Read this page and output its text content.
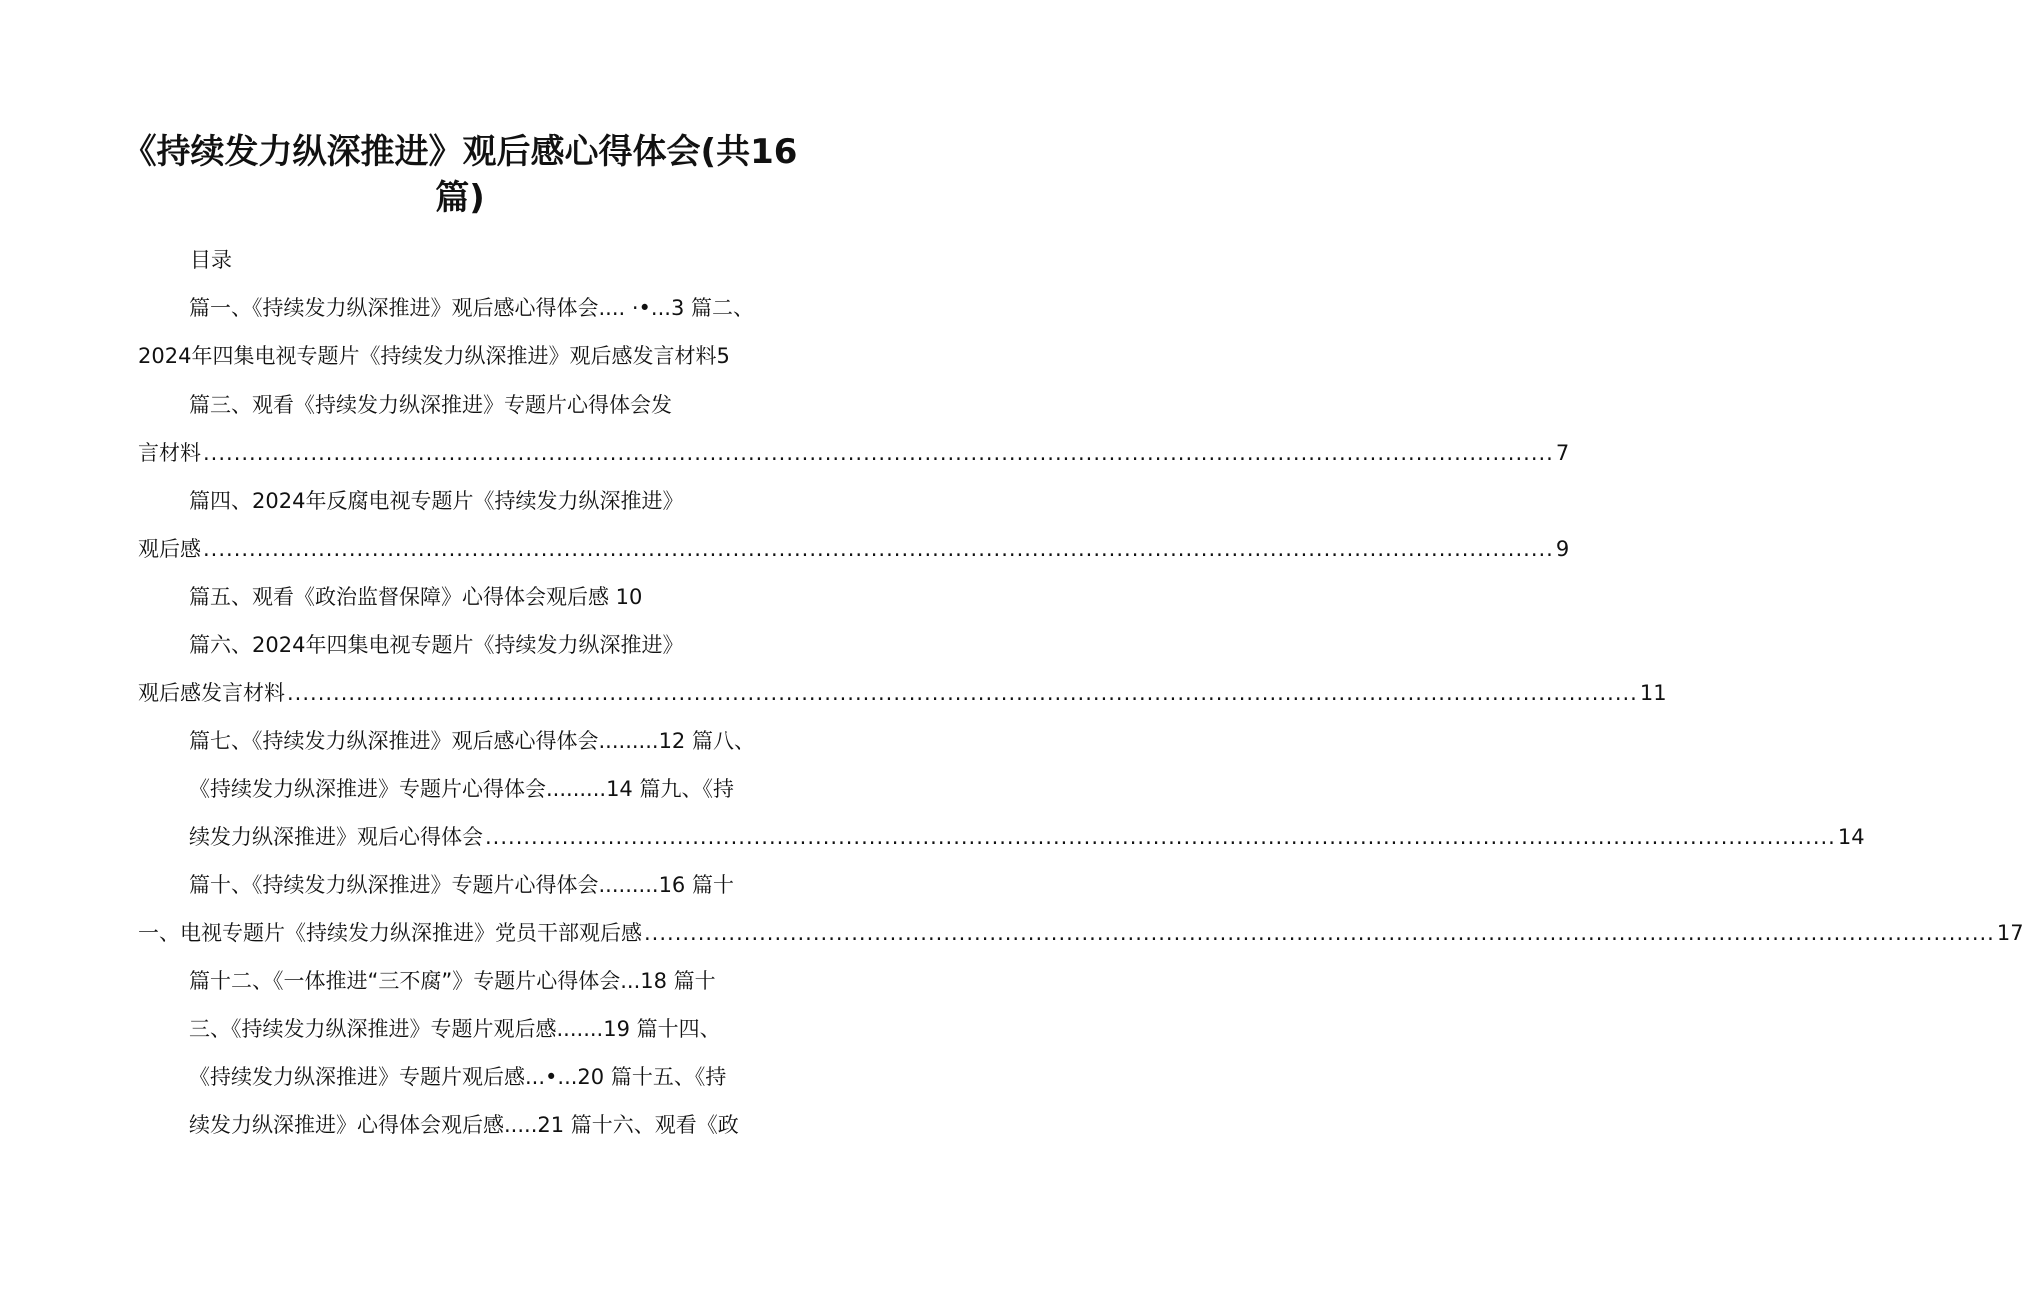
《持续发力纵深推进》观后感心得体会(共16
篇)
目录
篇一、《持续发力纵深推进》观后感心得体会.... ·•...3 篇二、
2024年四集电视专题片《持续发力纵深推进》观后感发言材料5
篇三、观看《持续发力纵深推进》专题片心得体会发
言材料 ................................................................................................................................................................................ 7
篇四、2024年反腐电视专题片《持续发力纵深推进》
观后感 ................................................................................................................................................................................ 9
篇五、观看《政治监督保障》心得体会观后感 10
篇六、2024年四集电视专题片《持续发力纵深推进》
观后感发言材料 ................................................................................................................................................................................ 11
篇七、《持续发力纵深推进》观后感心得体会.........12 篇八、
《持续发力纵深推进》专题片心得体会.........14 篇九、《持
续发力纵深推进》观后心得体会 ................................................................................................................................................................................ 14
篇十、《持续发力纵深推进》专题片心得体会.........16 篇十
一、电视专题片《持续发力纵深推进》党员干部观后感 ................................................................................................................................................................................ 17
篇十二、《一体推进“三不腐”》专题片心得体会...18 篇十
三、《持续发力纵深推进》专题片观后感.......19 篇十四、
《持续发力纵深推进》专题片观后感...•...20 篇十五、《持
续发力纵深推进》心得体会观后感.....21 篇十六、观看《政
